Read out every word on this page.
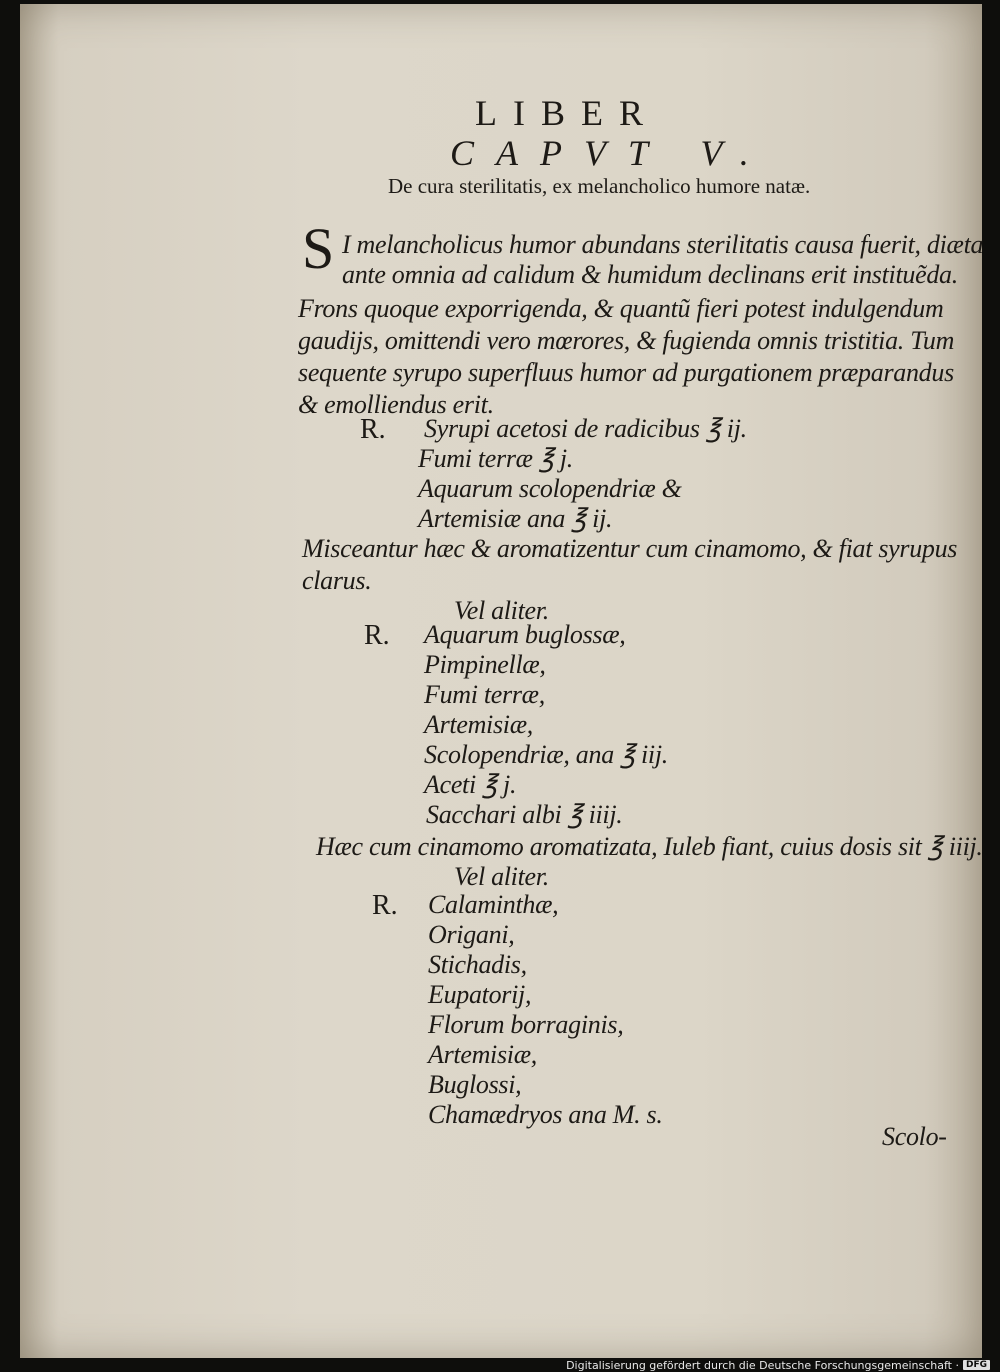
LIBER
CAPVT V.
De cura sterilitatis, ex melancholico humore natæ.
S I melancholicus humor abundans sterilitatis causa fuerit, diæta
ante omnia ad calidum & humidum declinans erit instituẽda.
Frons quoque exporrigenda, & quantũ fieri potest indulgendum
gaudijs, omittendi vero mœrores, & fugienda omnis tristitia. Tum
sequente syrupo superfluus humor ad purgationem præparandus
& emolliendus erit.
R. Syrupi acetosi de radicibus ℥ ij.
Fumi terræ ℥ j.
Aquarum scolopendriæ &
Artemisiæ ana ℥ ij.
Misceantur hæc & aromatizentur cum cinamomo, & fiat syrupus
clarus.
Vel aliter.
R. Aquarum buglossæ,
Pimpinellæ,
Fumi terræ,
Artemisiæ,
Scolopendriæ, ana ℥ iij.
Aceti ℥ j.
Sacchari albi ℥ iiij.
Hæc cum cinamomo aromatizata, Iuleb fiant, cuius dosis sit ℥ iiij.
Vel aliter.
R. Calaminthæ,
Origani,
Stichadis,
Eupatorij,
Florum borraginis,
Artemisiæ,
Buglossi,
Chamædryos ana M. s.
Scolo-
Digitalisierung gefördert durch die Deutsche Forschungsgemeinschaft · DFG
